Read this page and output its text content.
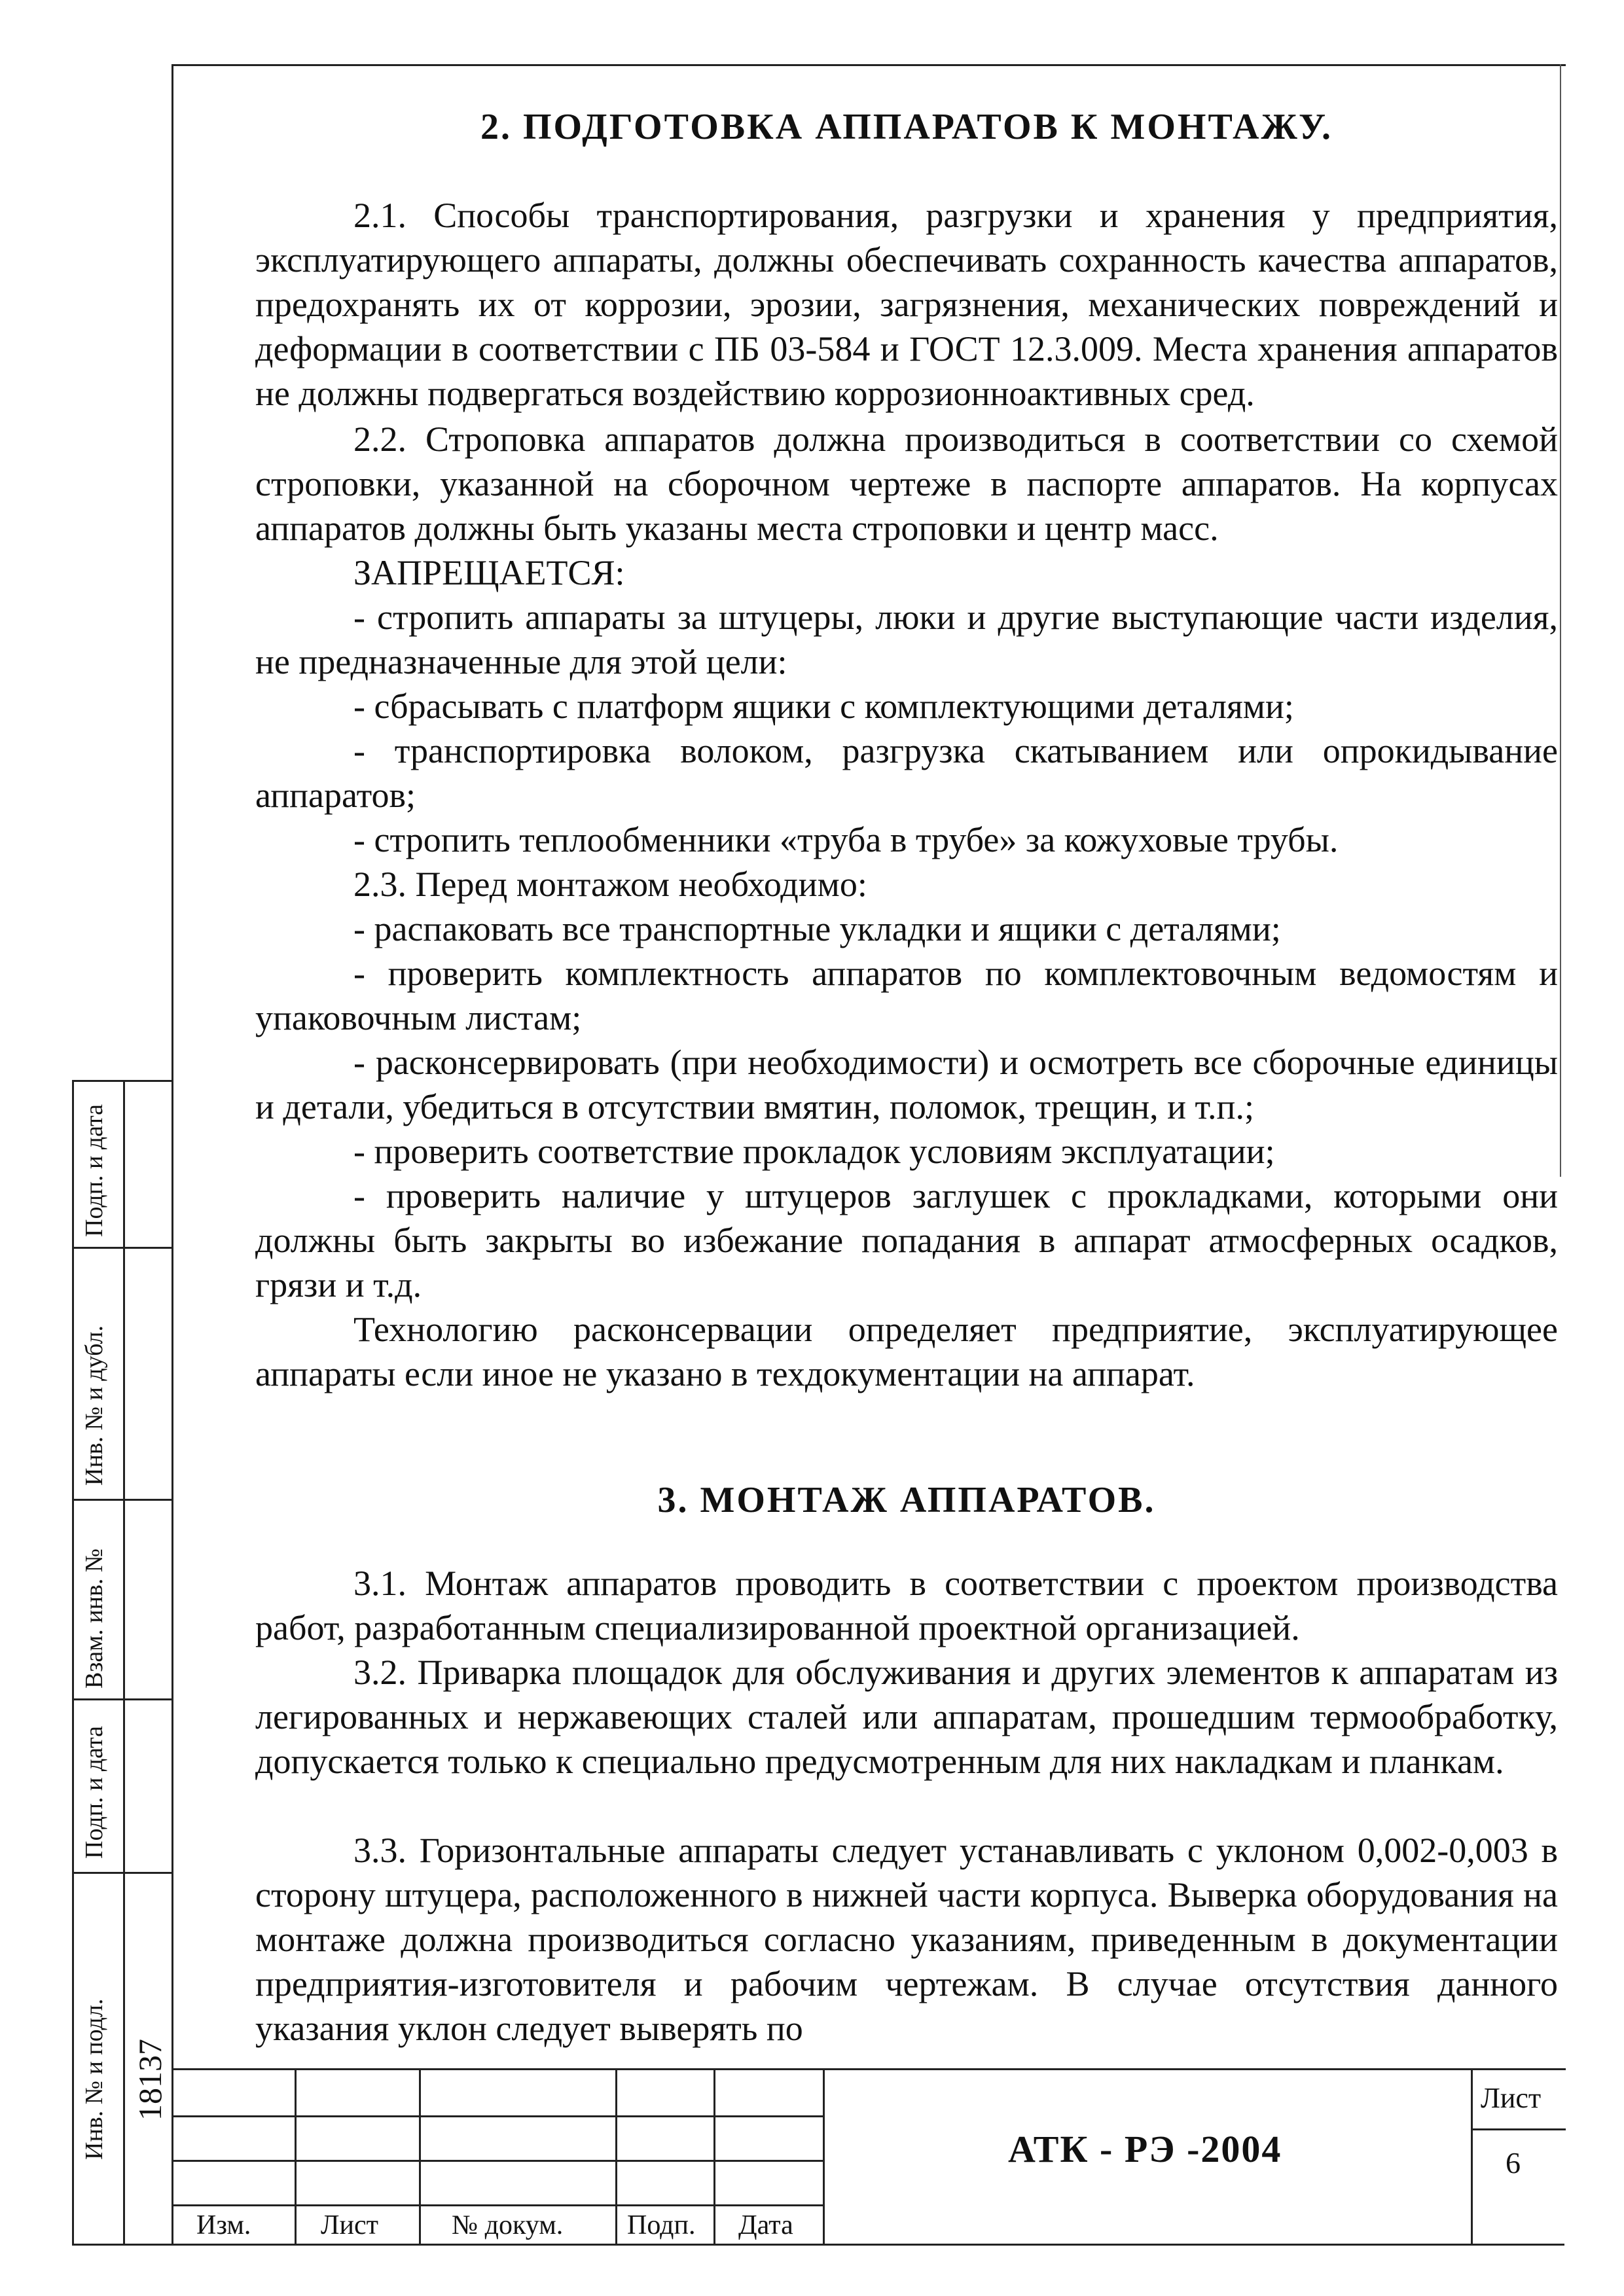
2. ПОДГОТОВКА АППАРАТОВ К МОНТАЖУ.

2.1. Способы транспортирования, разгрузки и хранения у предприятия, эксплуатирующего аппараты, должны обеспечивать сохранность качества аппаратов, предохранять их от коррозии, эрозии, загрязнения, механических повреждений и деформации в соответствии с ПБ 03-584 и ГОСТ 12.3.009. Места хранения аппаратов не должны подвергаться воздействию коррозионноактивных сред.

2.2. Строповка аппаратов должна производиться в соответствии со схемой строповки, указанной на сборочном чертеже в паспорте аппаратов. На корпусах аппаратов должны быть указаны места строповки и центр масс.

ЗАПРЕЩАЕТСЯ:

- стропить аппараты за штуцеры, люки и другие выступающие части изделия, не предназначенные для этой цели:

- сбрасывать с платформ ящики с комплектующими деталями;

- транспортировка волоком, разгрузка скатыванием или опрокидывание аппаратов;

- стропить теплообменники «труба в трубе» за кожуховые трубы.

2.3. Перед монтажом необходимо:

- распаковать все транспортные укладки и ящики с деталями;

- проверить комплектность аппаратов по комплектовочным ведомостям и упаковочным листам;

- расконсервировать (при необходимости) и осмотреть все сборочные единицы и детали, убедиться в отсутствии вмятин, поломок, трещин, и т.п.;

- проверить соответствие прокладок условиям эксплуатации;

- проверить наличие у штуцеров заглушек с прокладками, которыми они должны быть закрыты во избежание попадания в аппарат атмосферных осадков, грязи и т.д.

Технологию расконсервации определяет предприятие, эксплуатирующее аппараты если иное не указано в техдокументации на аппарат.

3. МОНТАЖ АППАРАТОВ.

3.1. Монтаж аппаратов проводить в соответствии с проектом производства работ, разработанным специализированной проектной организацией.

3.2. Приварка площадок для обслуживания и других элементов к аппаратам из легированных и нержавеющих сталей или аппаратам, прошедшим термообработку, допускается только к специально предусмотренным для них накладкам и планкам.

3.3. Горизонтальные аппараты следует устанавливать с уклоном 0,002-0,003 в сторону штуцера, расположенного в нижней части корпуса. Выверка оборудования на монтаже должна производиться согласно указаниям, приведенным в документации предприятия-изготовителя и рабочим чертежам. В случае отсутствия данного указания уклон следует выверять по

Подп. и дата
Инв. № и дубл.
Взам. инв. №
Подп. и дата
Инв. № и подл. 18137
Изм.	Лист	№ докум. Подп. Дата
АТК - РЭ -2004
Лист
6
